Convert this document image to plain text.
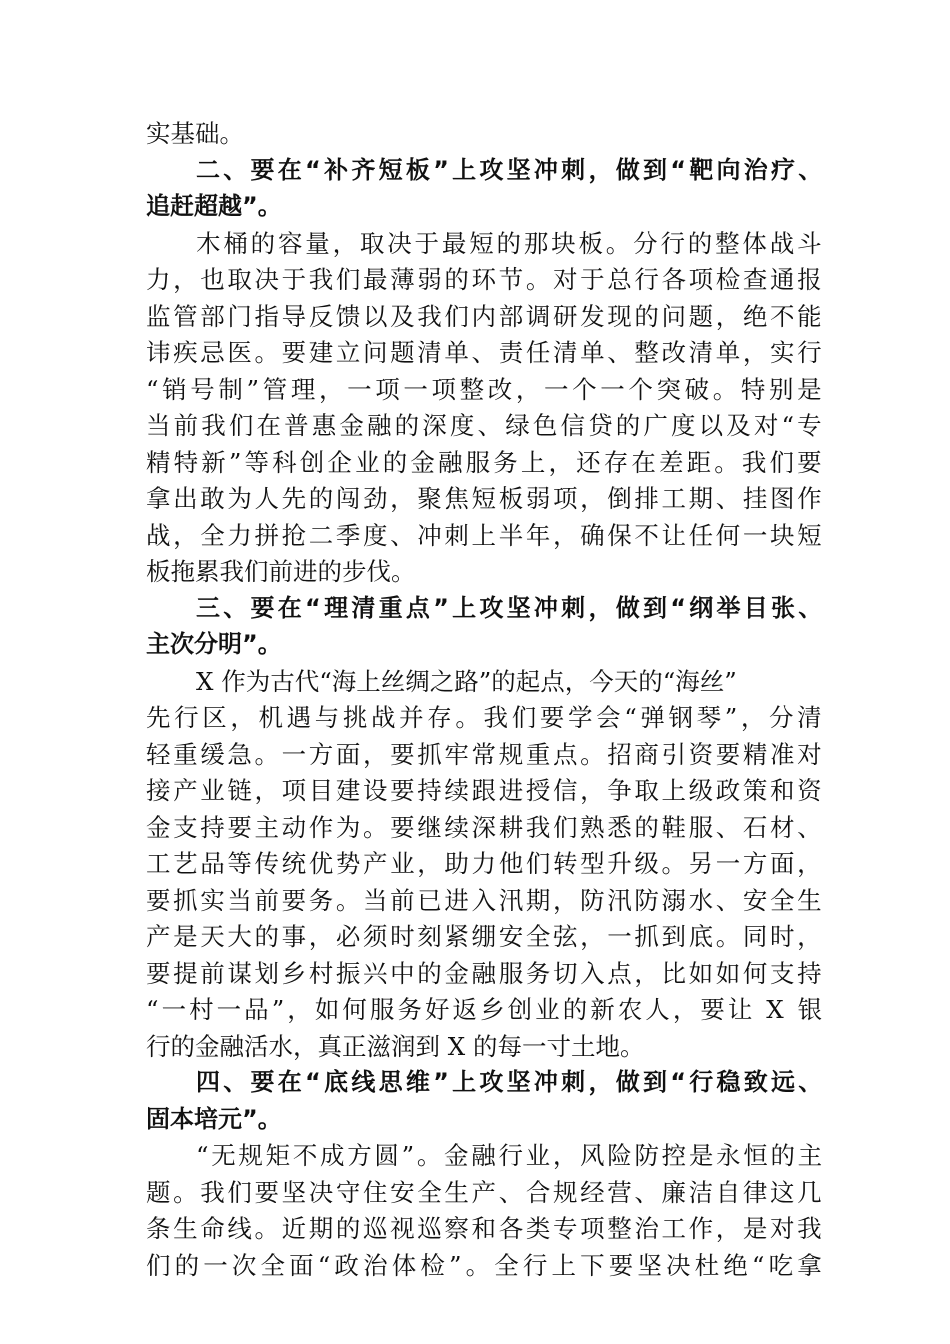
实基础。
二、要在“补齐短板”上攻坚冲刺，做到“靶向治疗、
追赶超越”。
木桶的容量，取决于最短的那块板。分行的整体战斗
力，也取决于我们最薄弱的环节。对于总行各项检查通报
监管部门指导反馈以及我们内部调研发现的问题，绝不能
讳疾忌医。要建立问题清单、责任清单、整改清单，实行
“销号制”管理，一项一项整改，一个一个突破。特别是
当前我们在普惠金融的深度、绿色信贷的广度以及对“专
精特新”等科创企业的金融服务上，还存在差距。我们要
拿出敢为人先的闯劲，聚焦短板弱项，倒排工期、挂图作
战，全力拼抢二季度、冲刺上半年，确保不让任何一块短
板拖累我们前进的步伐。
三、要在“理清重点”上攻坚冲刺，做到“纲举目张、
主次分明”。
X 作为古代“海上丝绸之路”的起点，今天的“海丝”
先行区，机遇与挑战并存。我们要学会“弹钢琴”，分清
轻重缓急。一方面，要抓牢常规重点。招商引资要精准对
接产业链，项目建设要持续跟进授信，争取上级政策和资
金支持要主动作为。要继续深耕我们熟悉的鞋服、石材、
工艺品等传统优势产业，助力他们转型升级。另一方面，
要抓实当前要务。当前已进入汛期，防汛防溺水、安全生
产是天大的事，必须时刻紧绷安全弦，一抓到底。同时，
要提前谋划乡村振兴中的金融服务切入点，比如如何支持
“一村一品”，如何服务好返乡创业的新农人，要让 X 银
行的金融活水，真正滋润到 X 的每一寸土地。
四、要在“底线思维”上攻坚冲刺，做到“行稳致远、
固本培元”。
“无规矩不成方圆”。金融行业，风险防控是永恒的主
题。我们要坚决守住安全生产、合规经营、廉洁自律这几
条生命线。近期的巡视巡察和各类专项整治工作，是对我
们的一次全面“政治体检”。全行上下要坚决杜绝“吃拿
